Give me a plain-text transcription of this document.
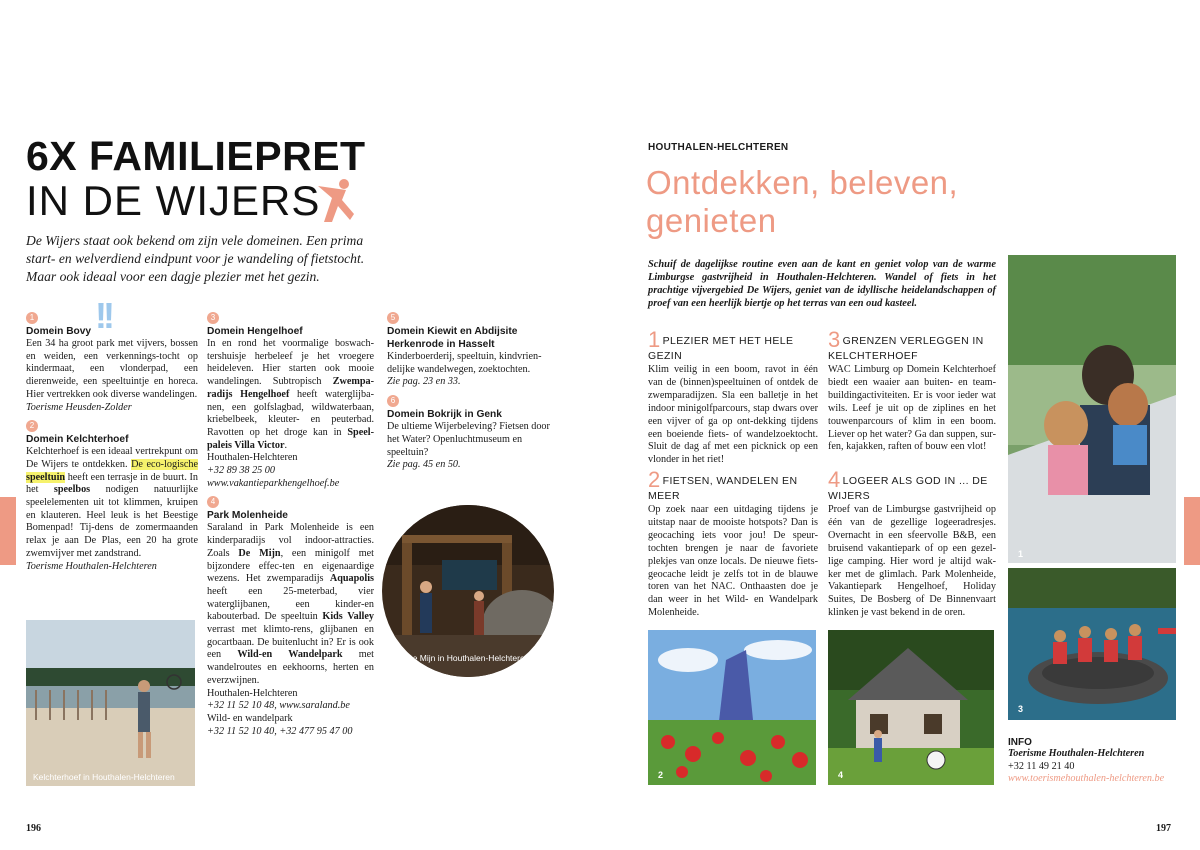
6X FAMILIEPRET
IN DE WIJERS
De Wijers staat ook bekend om zijn vele domeinen. Een prima start- en welverdiend eindpunt voor je wandeling of fietstocht. Maar ook ideaal voor een dagje plezier met het gezin.
!!
1
Domein Bovy

Een 34 ha groot park met vijvers, bossen en weiden, een verkennings-tocht op kindermaat, een vlonderpad, een dierenweide, een speeltuintje en horeca. Hier vertrekken ook diverse wandelingen.

Toerisme Heusden-Zolder

2
Domein Kelchterhoef

Kelchterhoef is een ideaal vertrekpunt om De Wijers te ontdekken. De eco-logische speeltuin heeft een terrasje in de buurt. In het speelbos nodigen natuurlijke speelelementen uit tot klimmen, kruipen en klauteren. Heel leuk is het Beestige Bomenpad! Tij-dens de zomermaanden relax je aan De Plas, een 20 ha grote zwemvijver met zandstrand.

Toerisme Houthalen-Helchteren

3
Domein Hengelhoef

In en rond het voormalige boswach-tershuisje herbeleef je het vroegere heideleven. Hier starten ook mooie wandelingen. Subtropisch Zwempa-radijs Hengelhoef heeft waterglijba-nen, een golfslagbad, wildwaterbaan, kriebelbeek, kleuter- en peuterbad. Ravotten op het droge kan in Speel-paleis Villa Victor.

Houthalen-Helchteren

+32 89 38 25 00

www.vakantieparkhengelhoef.be

4
Park Molenheide

Saraland in Park Molenheide is een kinderparadijs vol indoor-attracties. Zoals De Mijn, een minigolf met bijzondere effec-ten en eigenaardige wezens. Het zwemparadijs Aquapolis heeft een 25-meterbad, vier waterglijbanen, een kinder-en kabouterbad. De speeltuin Kids Valley verrast met klimto-rens, glijbanen en gocartbaan. De buitenlucht in? Er is ook een Wild-en Wandelpark met wandelroutes en eekhoorns, herten en everzwijnen.

Houthalen-Helchteren

+32 11 52 10 48, www.saraland.be

Wild- en wandelpark

+32 11 52 10 40, +32 477 95 47 00

5
Domein Kiewit en Abdijsite Herkenrode in Hasselt

Kinderboerderij, speeltuin, kindvrien-delijke wandelwegen, zoektochten.

Zie pag. 23 en 33.

6
Domein Bokrijk in Genk

De ultieme Wijerbeleving? Fietsen door het Water? Openluchtmuseum en speeltuin?

Zie pag. 45 en 50.

De Mijn in Houthalen-Helchteren
Kelchterhoef in Houthalen-Helchteren
196
HOUTHALEN-HELCHTEREN
Ontdekken, beleven, genieten
Schuif de dagelijkse routine even aan de kant en geniet volop van de warme Limburgse gastvrijheid in Houthalen-Helchteren. Wandel of fiets in het prachtige vijvergebied De Wijers, geniet van de idyllische heidelandschappen of proef van een heerlijk biertje op het terras van een oud kasteel.
1 PLEZIER MET HET HELE GEZIN

Klim veilig in een boom, ravot in één van de (binnen)speeltuinen of ontdek de zwemparadijzen. Sla een balletje in het indoor minigolfparcours, stap dwars over een vijver of ga op ont-dekking tijdens een boeiende fiets- of wandelzoektocht. Sluit de dag af met een picknick op een vlonder in het riet!

2 FIETSEN, WANDELEN EN MEER

Op zoek naar een uitdaging tijdens je uitstap naar de mooiste hotspots? Dan is geocaching iets voor jou! De speur-tochten brengen je naar de favoriete plekjes van onze locals. De nieuwe fiets-geocache leidt je zelfs tot in de blauwe toren van het NAC. Onthaasten doe je dan weer in het Wild- en Wandelpark Molenheide.

3 GRENZEN VERLEGGEN IN KELCHTERHOEF

WAC Limburg op Domein Kelchterhoef biedt een waaier aan buiten- en team-buildingactiviteiten. Er is voor ieder wat wils. Leef je uit op de ziplines en het touwenparcours of klim in een boom. Liever op het water? Ga dan suppen, sur-fen, kajakken, raften of bouw een vlot!

4 LOGEER ALS GOD IN ... DE WIJERS

Proef van de Limburgse gastvrijheid op één van de gezellige logeeradresjes. Overnacht in een sfeervolle B&B, een bruisend vakantiepark of op een gezel-lige camping. Hier word je altijd wak-ker met de glimlach. Park Molenheide, Vakantiepark Hengelhoef, Holiday Suites, De Bosberg of De Binnenvaart klinken je vast bekend in de oren.

1
3
2	4
INFO
Toerisme Houthalen-Helchteren
+32 11 49 21 40
www.toerismehouthalen-helchteren.be
197
